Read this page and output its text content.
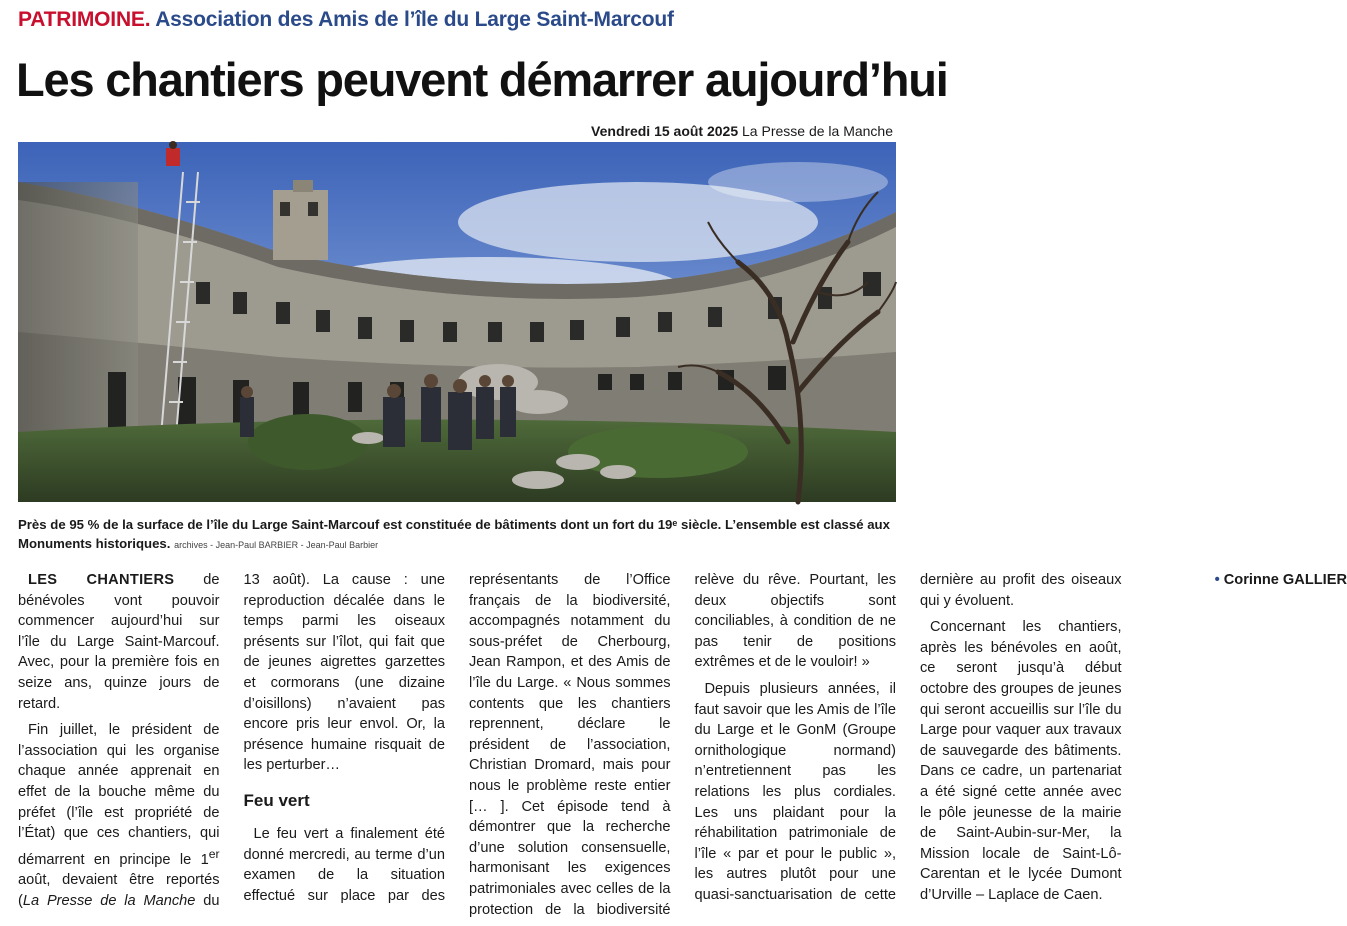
PATRIMOINE. Association des Amis de l’île du Large Saint-Marcouf
Les chantiers peuvent démarrer aujourd’hui
Vendredi 15 août 2025 La Presse de la Manche
Près de 95 % de la surface de l’île du Large Saint-Marcouf est constituée de bâtiments dont un fort du 19ᵉ siècle. L’ensemble est classé aux Monuments historiques. archives - Jean-Paul BARBIER - Jean-Paul Barbier

LES CHANTIERS de bénévoles vont pouvoir commencer aujourd’hui sur l’île du Large Saint-Marcouf. Avec, pour la première fois en seize ans, quinze jours de retard.

Fin juillet, le président de l’association qui les organise chaque année apprenait en effet de la bouche même du préfet (l’île est propriété de l’État) que ces chantiers, qui démarrent en principe le 1er août, devaient être reportés (La Presse de la Manche du 13 août). La cause : une reproduction décalée dans le temps parmi les oiseaux présents sur l’îlot, qui fait que de jeunes aigrettes garzettes et cormorans (une dizaine d’oisillons) n’avaient pas encore pris leur envol. Or, la présence humaine risquait de les perturber…

Feu vert

Le feu vert a finalement été donné mercredi, au terme d’un examen de la situation effectué sur place par des représentants de l’Office français de la biodiversité, accompagnés notamment du sous-préfet de Cherbourg, Jean Rampon, et des Amis de l’île du Large. « Nous sommes contents que les chantiers reprennent, déclare le président de l’association, Christian Dromard, mais pour nous le problème reste entier [… ]. Cet épisode tend à démontrer que la recherche d’une solution consensuelle, harmonisant les exigences patrimoniales avec celles de la protection de la biodiversité relève du rêve. Pourtant, les deux objectifs sont conciliables, à condition de ne pas tenir de positions extrêmes et de le vouloir! »

Depuis plusieurs années, il faut savoir que les Amis de l’île du Large et le GonM (Groupe ornithologique normand) n’entretiennent pas les relations les plus cordiales. Les uns plaidant pour la réhabilitation patrimoniale de l’île « par et pour le public », les autres plutôt pour une quasi-sanctuarisation de cette dernière au profit des oiseaux qui y évoluent.

Concernant les chantiers, après les bénévoles en août, ce seront jusqu’à début octobre des groupes de jeunes qui seront accueillis sur l’île du Large pour vaquer aux travaux de sauvegarde des bâtiments. Dans ce cadre, un partenariat a été signé cette année avec le pôle jeunesse de la mairie de Saint-Aubin-sur-Mer, la Mission locale de Saint-Lô-Carentan et le lycée Dumont d’Urville – Laplace de Caen.

• Corinne GALLIER
